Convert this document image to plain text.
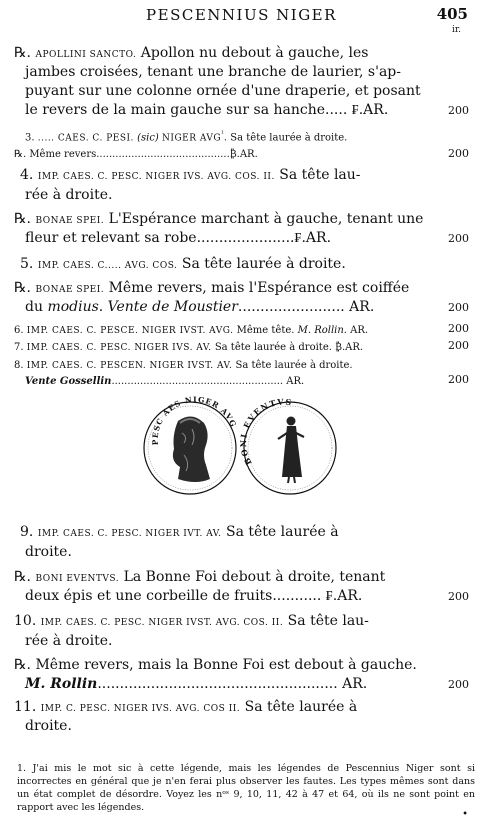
PESCENNIUS NIGER	405
ir.
℞. APOLLINI SANCTO. Apollon nu debout à gauche, les
jambes croisées, tenant une branche de laurier, s'ap-
puyant sur une colonne ornée d'une draperie, et posant
le revers de la main gauche sur sa hanche..... ₣.AR.	200
3. ..... CAES. C. PESI. (sic) NIGER $AVG^{^1}$. Sa tête laurée à droite.
℞. Même revers..........................................₿.AR.	200
4. IMP. CAES. C. PESC. NIGER IVS. AVG. COS. II. Sa tête lau-
rée à droite.
℞. BONAE SPEI. L'Espérance marchant à gauche, tenant une
fleur et relevant sa robe......................₣.AR.	200
5. IMP. CAES. C..... AVG. COS. Sa tête laurée à droite.
℞. BONAE SPEI. Même revers, mais l'Espérance est coiffée
du modius. Vente de Moustier........................ AR.	200
6. IMP. CAES. C. PESCE. NIGER IVST. AVG. Même tête. M. Rollin. AR.	200
7. IMP. CAES. C. PESC. NIGER IVS. AV. Sa tête laurée à droite. ₿.AR.	200
8. IMP. CAES. C. PESCEN. NIGER IVST. AV. Sa tête laurée à droite.
Vente Gossellin...................................................... AR.	200
PESC AES NIGER AVG
BONI EVENTVS
9. IMP. CAES. C. PESC. NIGER IVT. AV. Sa tête laurée à
droite.
℞. BONI EVENTVS. La Bonne Foi debout à droite, tenant
deux épis et une corbeille de fruits........... ₣.AR.	200
10. IMP. CAES. C. PESC. NIGER IVST. AVG. COS. II. Sa tête lau-
rée à droite.
℞. Même revers, mais la Bonne Foi est debout à gauche.
M. Rollin...................................................... AR.	200
11. IMP. C. PESC. NIGER IVS. AVG. COS II. Sa tête laurée à
droite.
1. J'ai mis le mot sic à cette légende, mais les légendes de Pescennius Niger sont si incorrectes en général que je n'en ferai plus observer les fautes. Les types mêmes sont dans un état complet de désordre. Voyez les nᵒˢ 9, 10, 11, 42 à 47 et 64, où ils ne sont point en rapport avec les légendes.
•
